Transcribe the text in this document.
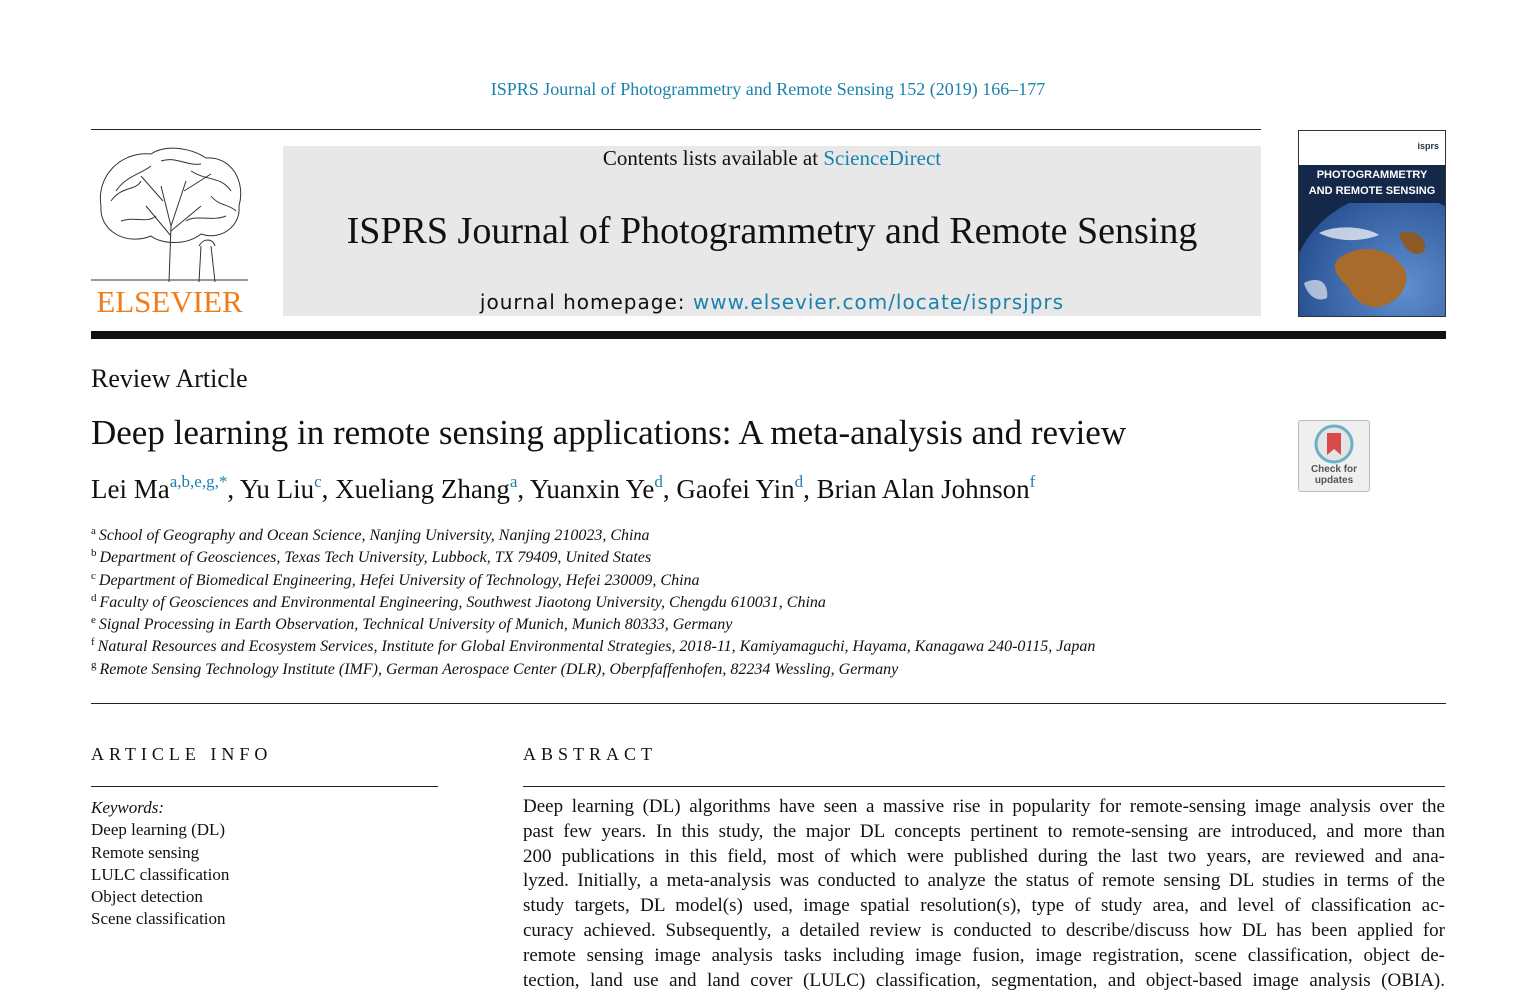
ISPRS Journal of Photogrammetry and Remote Sensing 152 (2019) 166–177
ELSEVIER
Contents lists available at ScienceDirect
ISPRS Journal of Photogrammetry and Remote Sensing
journal homepage: www.elsevier.com/locate/isprsjprs
isprs
PHOTOGRAMMETRY
AND REMOTE SENSING
Review Article
Deep learning in remote sensing applications: A meta-analysis and review
Check for updates
Lei $Ma^{a,b,e,g,*}$, Yu Liu$^c$, Xueliang Zhang$^a$, Yuanxin Ye$^d$, Gaofei Yin$^d$, Brian Alan Johnson$^f$
$^a$ School of Geography and Ocean Science, Nanjing University, Nanjing 210023, China
$^b$ Department of Geosciences, Texas Tech University, Lubbock, TX 79409, United States
$^c$ Department of Biomedical Engineering, Hefei University of Technology, Hefei 230009, China
$^d$ Faculty of Geosciences and Environmental Engineering, Southwest Jiaotong University, Chengdu 610031, China
$^e$ Signal Processing in Earth Observation, Technical University of Munich, Munich 80333, Germany
$^f$ Natural Resources and Ecosystem Services, Institute for Global Environmental Strategies, 2018-11, Kamiyamaguchi, Hayama, Kanagawa 240-0115, Japan
$^g$ Remote Sensing Technology Institute (IMF), German Aerospace Center (DLR), Oberpfaffenhofen, 82234 Wessling, Germany
ARTICLE INFO	ABSTRACT
Keywords:
Deep learning (DL)
Remote sensing
LULC classification
Object detection
Scene classification
Deep learning (DL) algorithms have seen a massive rise in popularity for remote-sensing image analysis over the
past few years. In this study, the major DL concepts pertinent to remote-sensing are introduced, and more than
200 publications in this field, most of which were published during the last two years, are reviewed and ana-
lyzed. Initially, a meta-analysis was conducted to analyze the status of remote sensing DL studies in terms of the
study targets, DL model(s) used, image spatial resolution(s), type of study area, and level of classification ac-
curacy achieved. Subsequently, a detailed review is conducted to describe/discuss how DL has been applied for
remote sensing image analysis tasks including image fusion, image registration, scene classification, object de-
tection, land use and land cover (LULC) classification, segmentation, and object-based image analysis (OBIA).
